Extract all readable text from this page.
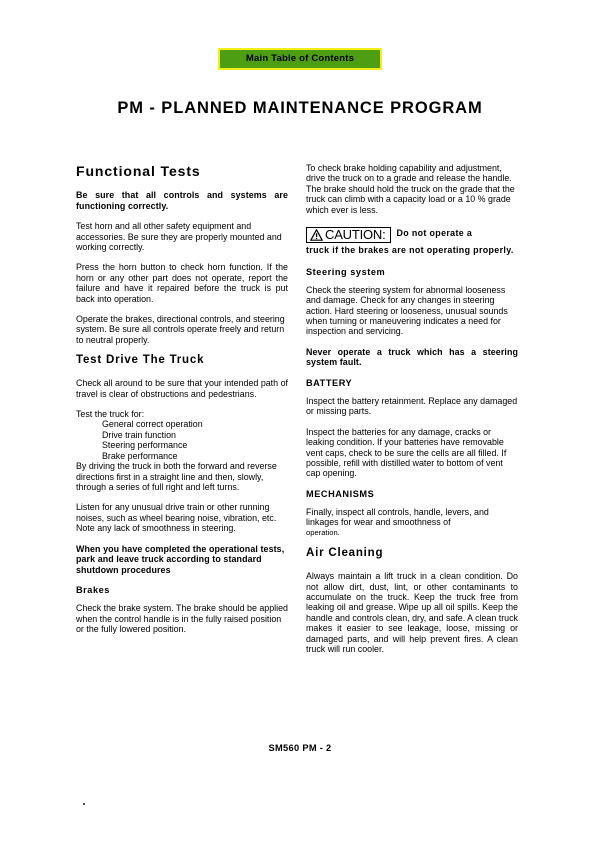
Main Table of Contents
PM - PLANNED MAINTENANCE PROGRAM
Functional Tests

Be sure that all controls and systems are functioning correctly.

Test horn and all other safety equipment and accessories. Be sure they are properly mounted and working correctly.

Press the horn button to check horn function. If the horn or any other part does not operate, report the failure and have it repaired before the truck is put back into operation.

Operate the brakes, directional controls, and steering system. Be sure all controls operate freely and return to neutral properly.

Test Drive The Truck

Check all around to be sure that your intended path of travel is clear of obstructions and pedestrians.

Test the truck for:

General correct operation
Drive train function
Steering performance
Brake performance

By driving the truck in both the forward and reverse directions first in a straight line and then, slowly, through a series of full right and left turns.

Listen for any unusual drive train or other running noises, such as wheel bearing noise, vibration, etc. Note any lack of smoothness in steering.

When you have completed the operational tests, park and leave truck according to standard shutdown procedures

Brakes

Check the brake system. The brake should be applied when the control handle is in the fully raised position or the fully lowered position.

To check brake holding capability and adjustment, drive the truck on to a grade and release the handle. The brake should hold the truck on the grade that the truck can climb with a capacity load or a 10 % grade which ever is less.

CAUTION: Do not operate a
truck if the brakes are not operating properly.
Steering system

Check the steering system for abnormal looseness and damage. Check for any changes in steering action. Hard steering or looseness, unusual sounds when turning or maneuvering indicates a need for inspection and servicing.

Never operate a truck which has a steering system fault.

BATTERY

Inspect the battery retainment. Replace any damaged or missing parts.

Inspect the batteries for any damage, cracks or leaking condition. If your batteries have removable vent caps, check to be sure the cells are all filled. If possible, refill with distilled water to bottom of vent cap opening.

MECHANISMS

Finally, inspect all controls, handle, levers, and linkages for wear and smoothness of

operation.

Air Cleaning

Always maintain a lift truck in a clean condition. Do not allow dirt, dust, lint, or other contaminants to accumulate on the truck. Keep the truck free from leaking oil and grease. Wipe up all oil spills. Keep the handle and controls clean, dry, and safe. A clean truck makes it easier to see leakage, loose, missing or damaged parts, and will help prevent fires. A clean truck will run cooler.

SM560 PM - 2
